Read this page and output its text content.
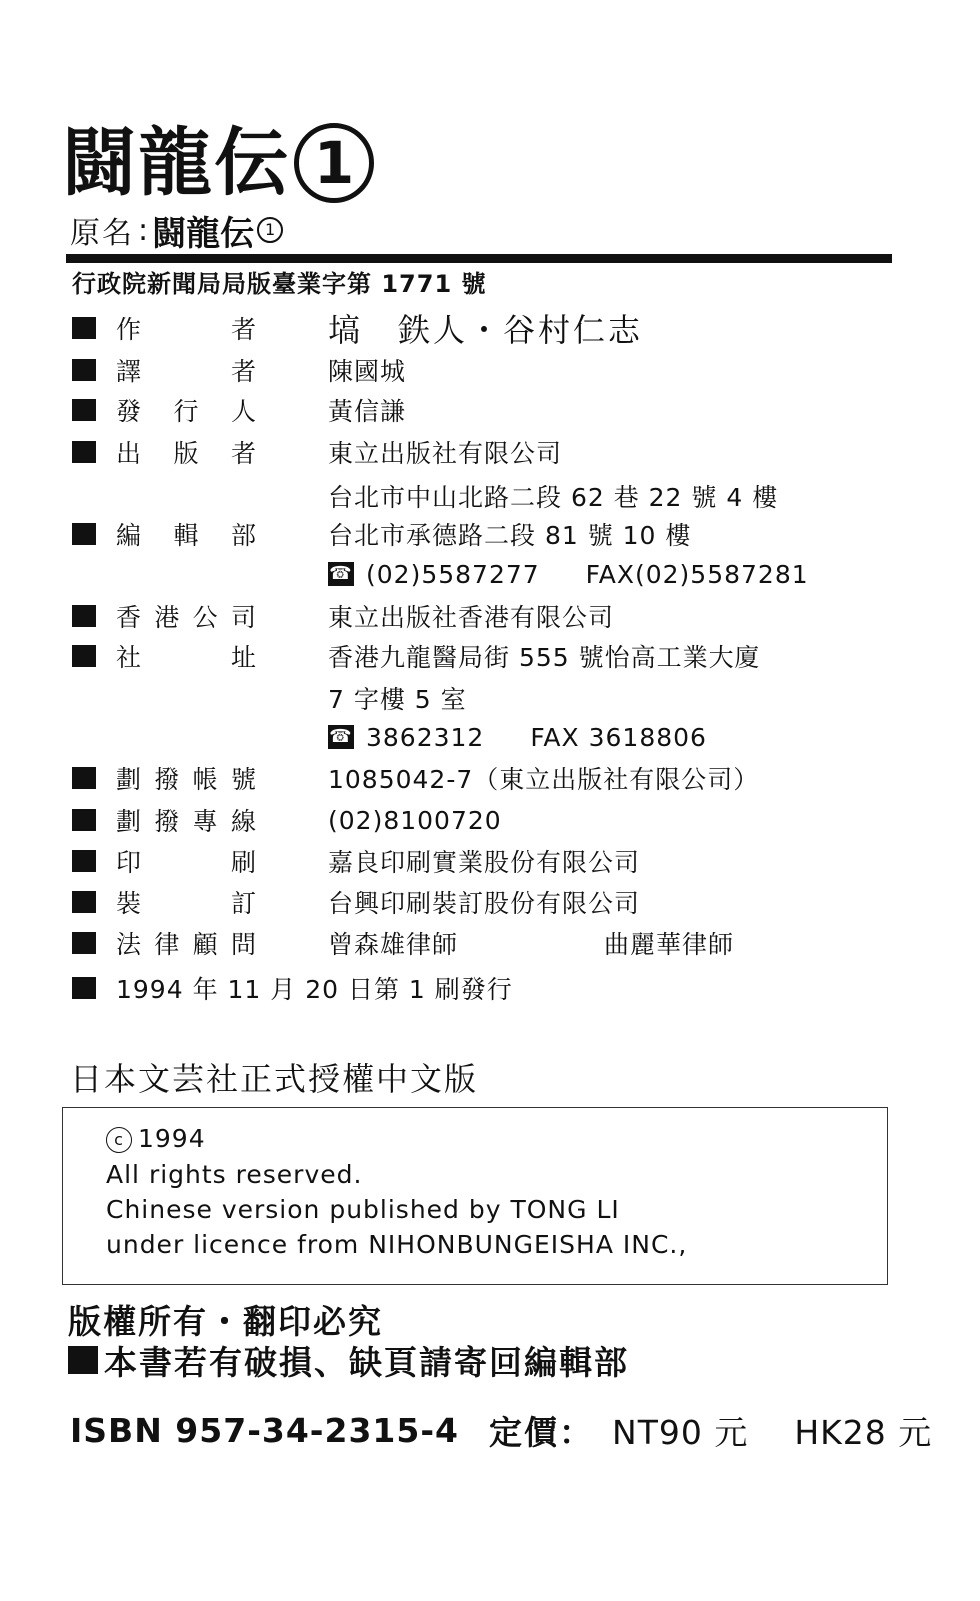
闘龍伝 1
原名 : 闘龍伝 1
行政院新聞局局版臺業字第 1771 號
作者 塙　鉄人・谷村仁志
譯者	陳國城
發行人	黃信謙
出版者	東立出版社有限公司
台北市中山北路二段 62 巷 22 號 4 樓
編輯部	台北市承德路二段 81 號 10 樓
☎ (02)5587277 FAX(02)5587281
香港公司	東立出版社香港有限公司
社址	香港九龍醫局街 555 號怡高工業大廈
7 字樓 5 室
☎ 3862312 FAX 3618806
劃撥帳號	1085042-7（東立出版社有限公司）
劃撥專線	(02)8100720
印刷	嘉良印刷實業股份有限公司
裝訂	台興印刷裝訂股份有限公司
法律顧問	曾森雄律師	曲麗華律師
1994 年 11 月 20 日第 1 刷發行
日本文芸社正式授權中文版
c 1994
All rights reserved.
Chinese version published by TONG LI
under licence from NIHONBUNGEISHA INC.,
版權所有・翻印必究
本書若有破損、缺頁請寄回編輯部
ISBN 957-34-2315-4 定價： NT90 元 HK28 元
